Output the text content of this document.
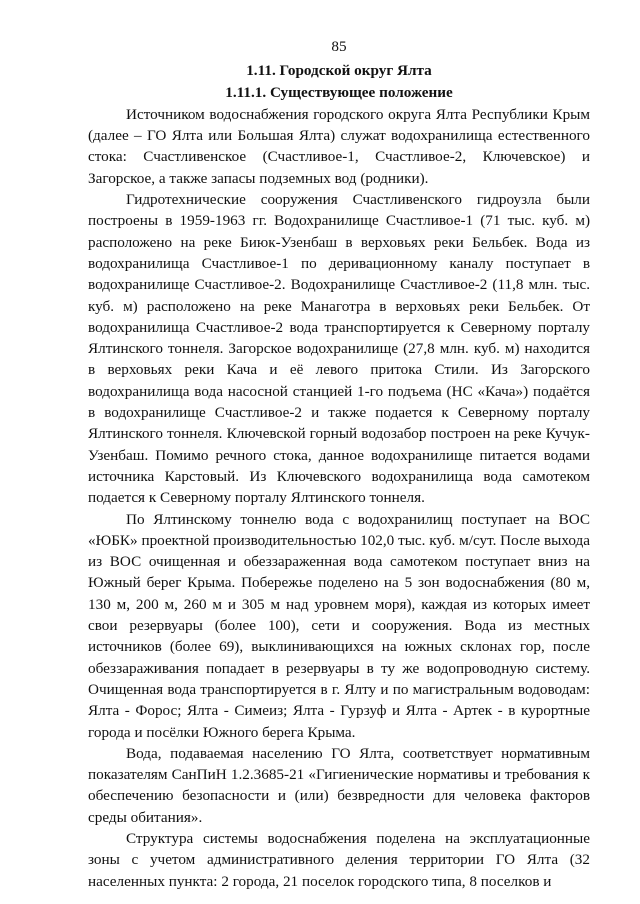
85

1.11. Городской округ Ялта

1.11.1. Существующее положение

Источником водоснабжения городского округа Ялта Республики Крым (далее – ГО Ялта или Большая Ялта) служат водохранилища естественного стока: Счастливенское (Счастливое-1, Счастливое-2, Ключевское) и Загорское, а также запасы подземных вод (родники).

Гидротехнические сооружения Счастливенского гидроузла были построены в 1959-1963 гг. Водохранилище Счастливое-1 (71 тыс. куб. м) расположено на реке Биюк-Узенбаш в верховьях реки Бельбек. Вода из водохранилища Счастливое-1 по деривационному каналу поступает в водохранилище Счастливое-2. Водохранилище Счастливое-2 (11,8 млн. тыс. куб. м) расположено на реке Манаготра в верховьях реки Бельбек. От водохранилища Счастливое-2 вода транспортируется к Северному порталу Ялтинского тоннеля. Загорское водохранилище (27,8 млн. куб. м) находится в верховьях реки Кача и её левого притока Стили. Из Загорского водохранилища вода насосной станцией 1-го подъема (НС «Кача») подаётся в водохранилище Счастливое-2 и также подается к Северному порталу Ялтинского тоннеля. Ключевской горный водозабор построен на реке Кучук-Узенбаш. Помимо речного стока, данное водохранилище питается водами источника Карстовый. Из Ключевского водохранилища вода самотеком подается к Северному порталу Ялтинского тоннеля.

По Ялтинскому тоннелю вода с водохранилищ поступает на ВОС «ЮБК» проектной производительностью 102,0 тыс. куб. м/сут. После выхода из ВОС очищенная и обеззараженная вода самотеком поступает вниз на Южный берег Крыма. Побережье поделено на 5 зон водоснабжения (80 м, 130 м, 200 м, 260 м и 305 м над уровнем моря), каждая из которых имеет свои резервуары (более 100), сети и сооружения. Вода из местных источников (более 69), выклинивающихся на южных склонах гор, после обеззараживания попадает в резервуары в ту же водопроводную систему. Очищенная вода транспортируется в г. Ялту и по магистральным водоводам: Ялта - Форос; Ялта - Симеиз; Ялта - Гурзуф и Ялта - Артек - в курортные города и посёлки Южного берега Крыма.

Вода, подаваемая населению ГО Ялта, соответствует нормативным показателям СанПиН 1.2.3685-21 «Гигиенические нормативы и требования к обеспечению безопасности и (или) безвредности для человека факторов среды обитания».

Структура системы водоснабжения поделена на эксплуатационные зоны с учетом административного деления территории ГО Ялта (32 населенных пункта: 2 города, 21 поселок городского типа, 8 поселков и
